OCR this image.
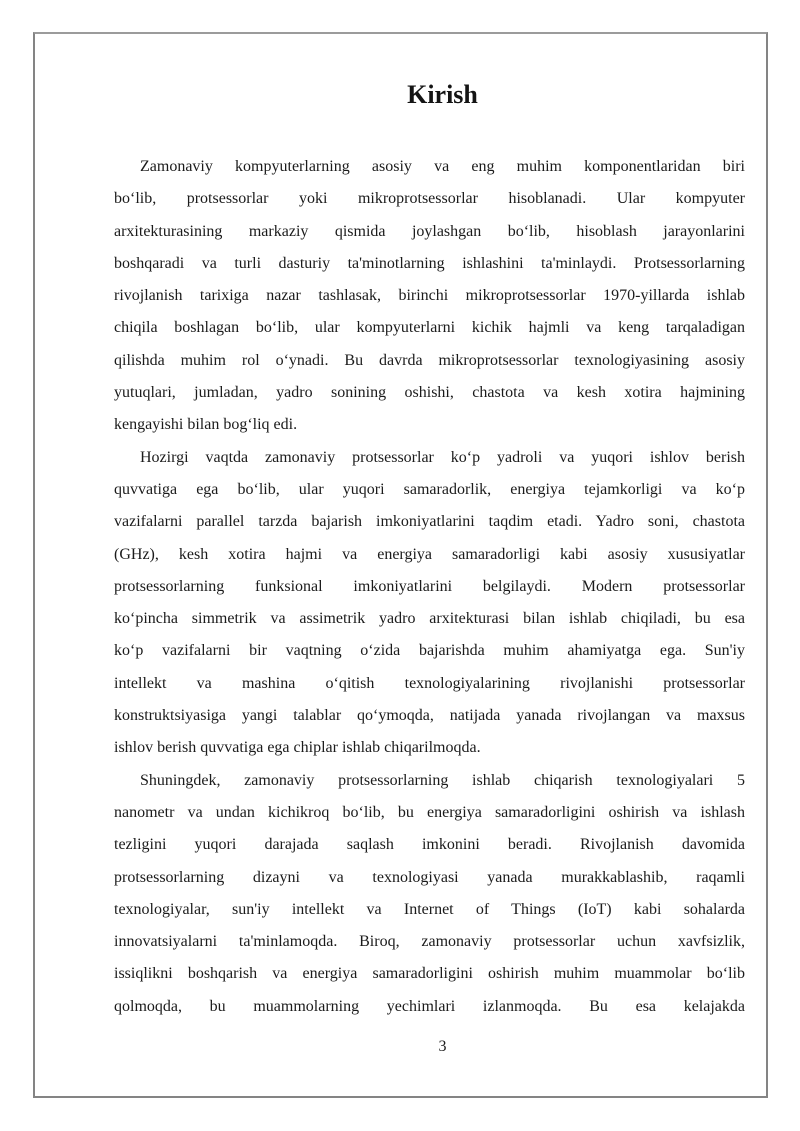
Kirish
Zamonaviy kompyuterlarning asosiy va eng muhim komponentlaridan biri
bo‘lib, protsessorlar yoki mikroprotsessorlar hisoblanadi. Ular kompyuter
arxitekturasining markaziy qismida joylashgan bo‘lib, hisoblash jarayonlarini
boshqaradi va turli dasturiy ta'minotlarning ishlashini ta'minlaydi. Protsessorlarning
rivojlanish tarixiga nazar tashlasak, birinchi mikroprotsessorlar 1970-yillarda ishlab
chiqila boshlagan bo‘lib, ular kompyuterlarni kichik hajmli va keng tarqaladigan
qilishda muhim rol o‘ynadi. Bu davrda mikroprotsessorlar texnologiyasining asosiy
yutuqlari, jumladan, yadro sonining oshishi, chastota va kesh xotira hajmining
kengayishi bilan bog‘liq edi.
Hozirgi vaqtda zamonaviy protsessorlar ko‘p yadroli va yuqori ishlov berish
quvvatiga ega bo‘lib, ular yuqori samaradorlik, energiya tejamkorligi va ko‘p
vazifalarni parallel tarzda bajarish imkoniyatlarini taqdim etadi. Yadro soni, chastota
(GHz), kesh xotira hajmi va energiya samaradorligi kabi asosiy xususiyatlar
protsessorlarning funksional imkoniyatlarini belgilaydi. Modern protsessorlar
ko‘pincha simmetrik va assimetrik yadro arxitekturasi bilan ishlab chiqiladi, bu esa
ko‘p vazifalarni bir vaqtning o‘zida bajarishda muhim ahamiyatga ega. Sun'iy
intellekt va mashina o‘qitish texnologiyalarining rivojlanishi protsessorlar
konstruktsiyasiga yangi talablar qo‘ymoqda, natijada yanada rivojlangan va maxsus
ishlov berish quvvatiga ega chiplar ishlab chiqarilmoqda.
Shuningdek, zamonaviy protsessorlarning ishlab chiqarish texnologiyalari 5
nanometr va undan kichikroq bo‘lib, bu energiya samaradorligini oshirish va ishlash
tezligini yuqori darajada saqlash imkonini beradi. Rivojlanish davomida
protsessorlarning dizayni va texnologiyasi yanada murakkablashib, raqamli
texnologiyalar, sun'iy intellekt va Internet of Things (IoT) kabi sohalarda
innovatsiyalarni ta'minlamoqda. Biroq, zamonaviy protsessorlar uchun xavfsizlik,
issiqlikni boshqarish va energiya samaradorligini oshirish muhim muammolar bo‘lib
qolmoqda, bu muammolarning yechimlari izlanmoqda. Bu esa kelajakda
3
